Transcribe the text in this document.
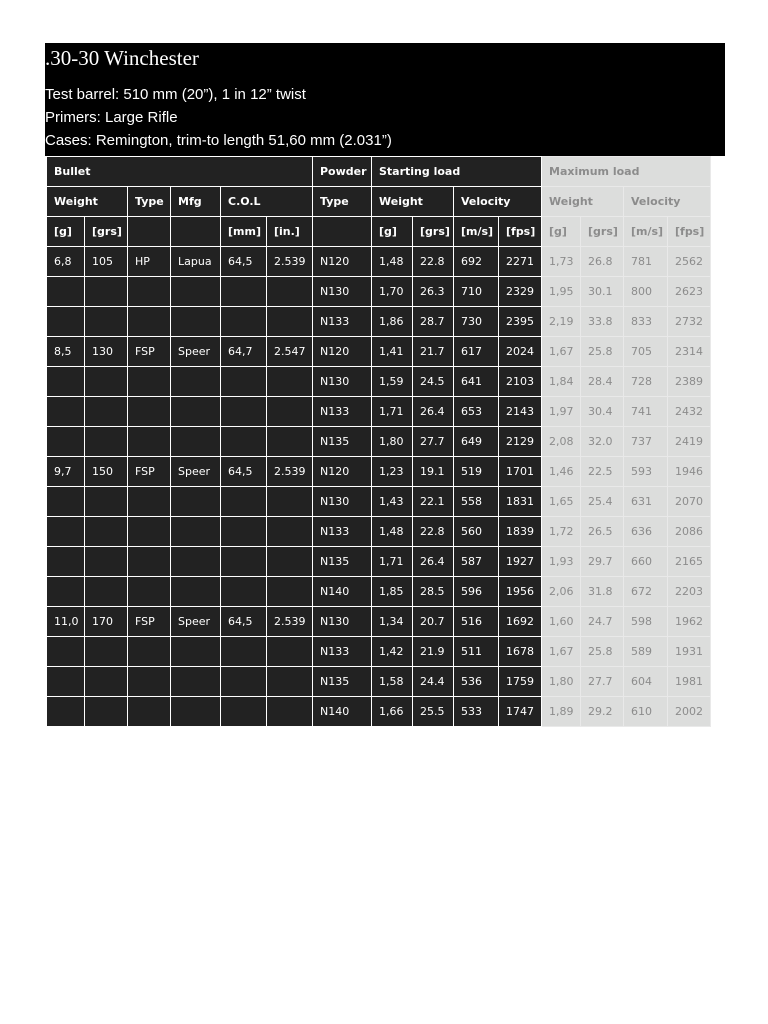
.30-30 Winchester
Test barrel: 510 mm (20”), 1 in 12” twist
Primers: Large Rifle
Cases: Remington, trim-to length 51,60 mm (2.031”)
Bullet						Powder	Starting load				Maximum load			
Weight		Type	Mfg	C.O.L		Type	Weight		Velocity		Weight		Velocity	
[g]	[grs]			[mm]	[in.]		[g]	[grs]	[m/s]	[fps]	[g]	[grs]	[m/s]	[fps]
6,8	105	HP	Lapua	64,5	2.539	N120	1,48	22.8	692	2271	1,73	26.8	781	2562
						N130	1,70	26.3	710	2329	1,95	30.1	800	2623
						N133	1,86	28.7	730	2395	2,19	33.8	833	2732
8,5	130	FSP	Speer	64,7	2.547	N120	1,41	21.7	617	2024	1,67	25.8	705	2314
						N130	1,59	24.5	641	2103	1,84	28.4	728	2389
						N133	1,71	26.4	653	2143	1,97	30.4	741	2432
						N135	1,80	27.7	649	2129	2,08	32.0	737	2419
9,7	150	FSP	Speer	64,5	2.539	N120	1,23	19.1	519	1701	1,46	22.5	593	1946
						N130	1,43	22.1	558	1831	1,65	25.4	631	2070
						N133	1,48	22.8	560	1839	1,72	26.5	636	2086
						N135	1,71	26.4	587	1927	1,93	29.7	660	2165
						N140	1,85	28.5	596	1956	2,06	31.8	672	2203
11,0	170	FSP	Speer	64,5	2.539	N130	1,34	20.7	516	1692	1,60	24.7	598	1962
						N133	1,42	21.9	511	1678	1,67	25.8	589	1931
						N135	1,58	24.4	536	1759	1,80	27.7	604	1981
						N140	1,66	25.5	533	1747	1,89	29.2	610	2002
